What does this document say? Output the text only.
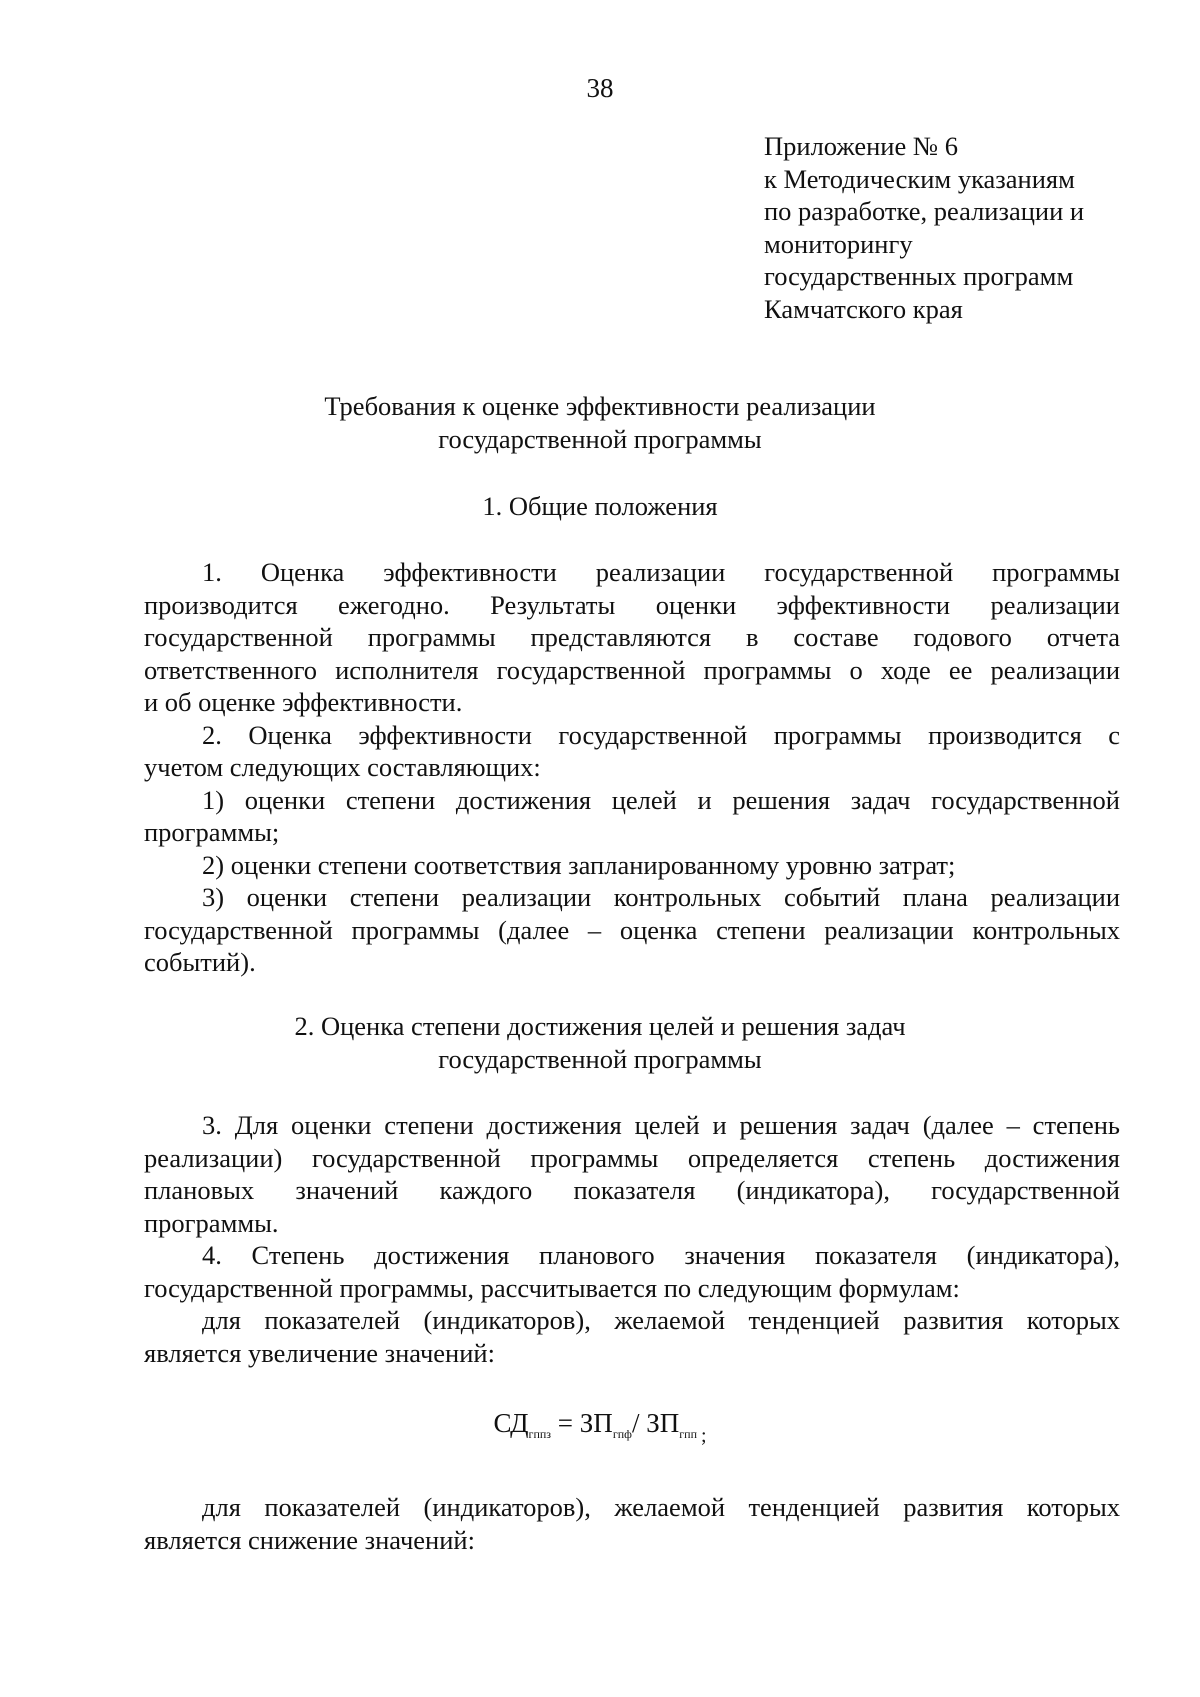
38
Приложение № 6
к Методическим указаниям
по разработке, реализации и
мониторингу
государственных программ
Камчатского края
Требования к оценке эффективности реализации
государственной программы
1. Общие положения
1. Оценка эффективности реализации государственной программы
производится ежегодно. Результаты оценки эффективности реализации
государственной программы представляются в составе годового отчета
ответственного исполнителя государственной программы о ходе ее реализации
и об оценке эффективности.
2. Оценка эффективности государственной программы производится с
учетом следующих составляющих:
1) оценки степени достижения целей и решения задач государственной
программы;
2) оценки степени соответствия запланированному уровню затрат;
3) оценки степени реализации контрольных событий плана реализации
государственной программы (далее – оценка степени реализации контрольных
событий).
2. Оценка степени достижения целей и решения задач
государственной программы
3. Для оценки степени достижения целей и решения задач (далее – степень
реализации) государственной программы определяется степень достижения
плановых значений каждого показателя (индикатора), государственной
программы.
4. Степень достижения планового значения показателя (индикатора),
государственной программы, рассчитывается по следующим формулам:
для показателей (индикаторов), желаемой тенденцией развития которых
является увеличение значений:
$СД_{гппз} = ЗП_{гпф}/$ $ЗП_{гпп}$ $_;$
для показателей (индикаторов), желаемой тенденцией развития которых
является снижение значений:
